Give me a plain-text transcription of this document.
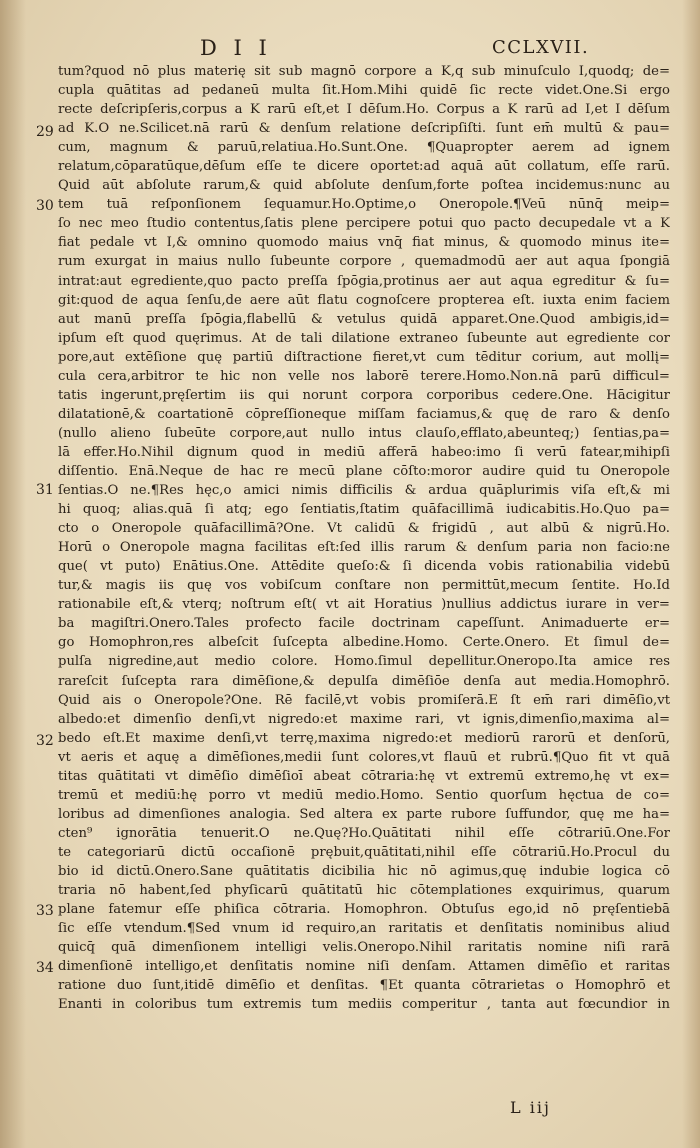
D I I	CCLXVII.
29
30
31
32
33
34
tum?quod nō plus materię sit sub magnō corpore a K,q sub minuſculo I,quodq; de=
cupla quātitas ad pedaneū multa ſit.Hom.Mihi quidē ſic recte videt.One.Si ergo
recte deſcripſeris,corpus a K rarū eſt,et I dēſum.Ho. Corpus a K rarū ad I,et I dēſum
ad K.O ne.Scilicet.nā rarū & denſum relatione deſcripſiſti. ſunt em̄ multū & pau=
cum, magnum & paruū,relatiua.Ho.Sunt.One. ¶Quapropter aerem ad ignem
relatum,cōparatūque,dēſum eſſe te dicere oportet:ad aquā aūt collatum, eſſe rarū.
Quid aūt abſolute rarum,& quid abſolute denſum,forte poſtea incidemus:nunc au
tem tuā reſponſionem ſequamur.Ho.Optime,o Oneropole.¶Veū nūnq̄ meip=
ſo nec meo ſtudio contentus,ſatis plene percipere potui quo pacto decupedale vt a K
fiat pedale vt I,& omnino quomodo maius vnq̄ fiat minus, & quomodo minus ite=
rum exurgat in maius nullo ſubeunte corpore , quemadmodū aer aut aqua ſpongiā
intrat:aut egrediente,quo pacto preſſa ſpōgia,protinus aer aut aqua egreditur & ſu=
git:quod de aqua ſenſu,de aere aūt flatu cognoſcere propterea eſt. iuxta enim faciem
aut manū preſſa ſpōgia,flabellū & vetulus quidā apparet.One.Quod ambigis,id=
ipſum eſt quod quęrimus. At de tali dilatione extraneo ſubeunte aut egrediente cor
pore,aut extēſione quę partiū diſtractione fieret,vt cum tēditur corium, aut mollį=
cula cera,arbitror te hic non velle nos laborē terere.Homo.Non.nā parū difficul=
tatis ingerunt,pręſertim iis qui norunt corpora corporibus cedere.One. Hācigitur
dilatationē,& coartationē cōpreſſioneque miſſam faciamus,& quę de raro & denſo
(nullo alieno ſubeūte corpore,aut nullo intus clauſo,efflato,abeunteq;) ſentias,pa=
lā effer.Ho.Nihil dignum quod in mediū afferā habeo:imo ſi verū fatear,mihipſi
diſſentio. Enā.Neque de hac re mecū plane cōſto:moror audire quid tu Oneropole
ſentias.O ne.¶Res hęc,o amici nimis difficilis & ardua quāplurimis viſa eſt,& mi
hi quoq; alias.quā ſi atq; ego ſentiatis,ſtatim quāfacillimā iudicabitis.Ho.Quo pa=
cto o Oneropole quāfacillimā?One. Vt calidū & frigidū , aut albū & nigrū.Ho.
Horū o Oneropole magna facilitas eſt:ſed illis rarum & denſum paria non facio:ne
que( vt puto) Enātius.One. Attēdite queſo:& ſi dicenda vobis rationabilia videbū
tur,& magis iis quę vos vobiſcum conſtare non permittūt,mecum ſentite. Ho.Id
rationabile eſt,& vterq; noſtrum eſt( vt ait Horatius )nullius addictus iurare in ver=
ba magiſtri.Onero.Tales profecto facile doctrinam capeſſunt. Animaduerte er=
go Homophron,res albeſcit ſuſcepta albedine.Homo. Certe.Onero. Et ſimul de=
pulſa nigredine,aut medio colore. Homo.ſimul depellitur.Oneropo.Ita amice res
rareſcit ſuſcepta rara dimēſione,& depulſa dimēſiōe denſa aut media.Homophrō.
Quid ais o Oneropole?One. Rē facilē,vt vobis promiſerā.E ſt em̄ rari dimēſio,vt
albedo:et dimenſio denſi,vt nigredo:et maxime rari, vt ignis,dimenſio,maxima al=
bedo eſt.Et maxime denſi,vt terrę,maxima nigredo:et mediorū rarorū et denſorū,
vt aeris et aquę a dimēſiones,medii ſunt colores,vt flauū et rubrū.¶Quo fit vt quā
titas quātitati vt dimēſio dimēſioī abeat cōtraria:hę vt extremū extremo,hę vt ex=
tremū et mediū:hę porro vt mediū medio.Homo. Sentio quorſum hęctua de co=
loribus ad dimenſiones analogia. Sed altera ex parte rubore ſuffundor, quę me ha=
cten⁹ ignorātia tenuerit.O ne.Quę?Ho.Quātitati nihil eſſe cōtrariū.One.For
te categoriarū dictū occaſionē prębuit,quātitati,nihil eſſe cōtrariū.Ho.Procul du
bio id dictū.Onero.Sane quātitatis dicibilia hic nō agimus,quę indubie logica cō
traria nō habent,ſed phyſicarū quātitatū hic cōtemplationes exquirimus, quarum
plane fatemur eſſe phiſica cōtraria. Homophron. Obtuſus ego,id nō pręſentiebā
ſic eſſe vtendum.¶Sed vnum id requiro,an raritatis et denſitatis nominibus aliud
quicq̄ quā dimenſionem intelligi velis.Oneropo.Nihil raritatis nomine niſi rarā
dimenſionē intelligo,et denſitatis nomine niſi denſam. Attamen dimēſio et raritas
ratione duo ſunt,itidē dimēſio et denſitas. ¶Et quanta cōtrarietas o Homophrō et
Enanti in coloribus tum extremis tum mediis comperitur , tanta aut fœcundior in
L iij
